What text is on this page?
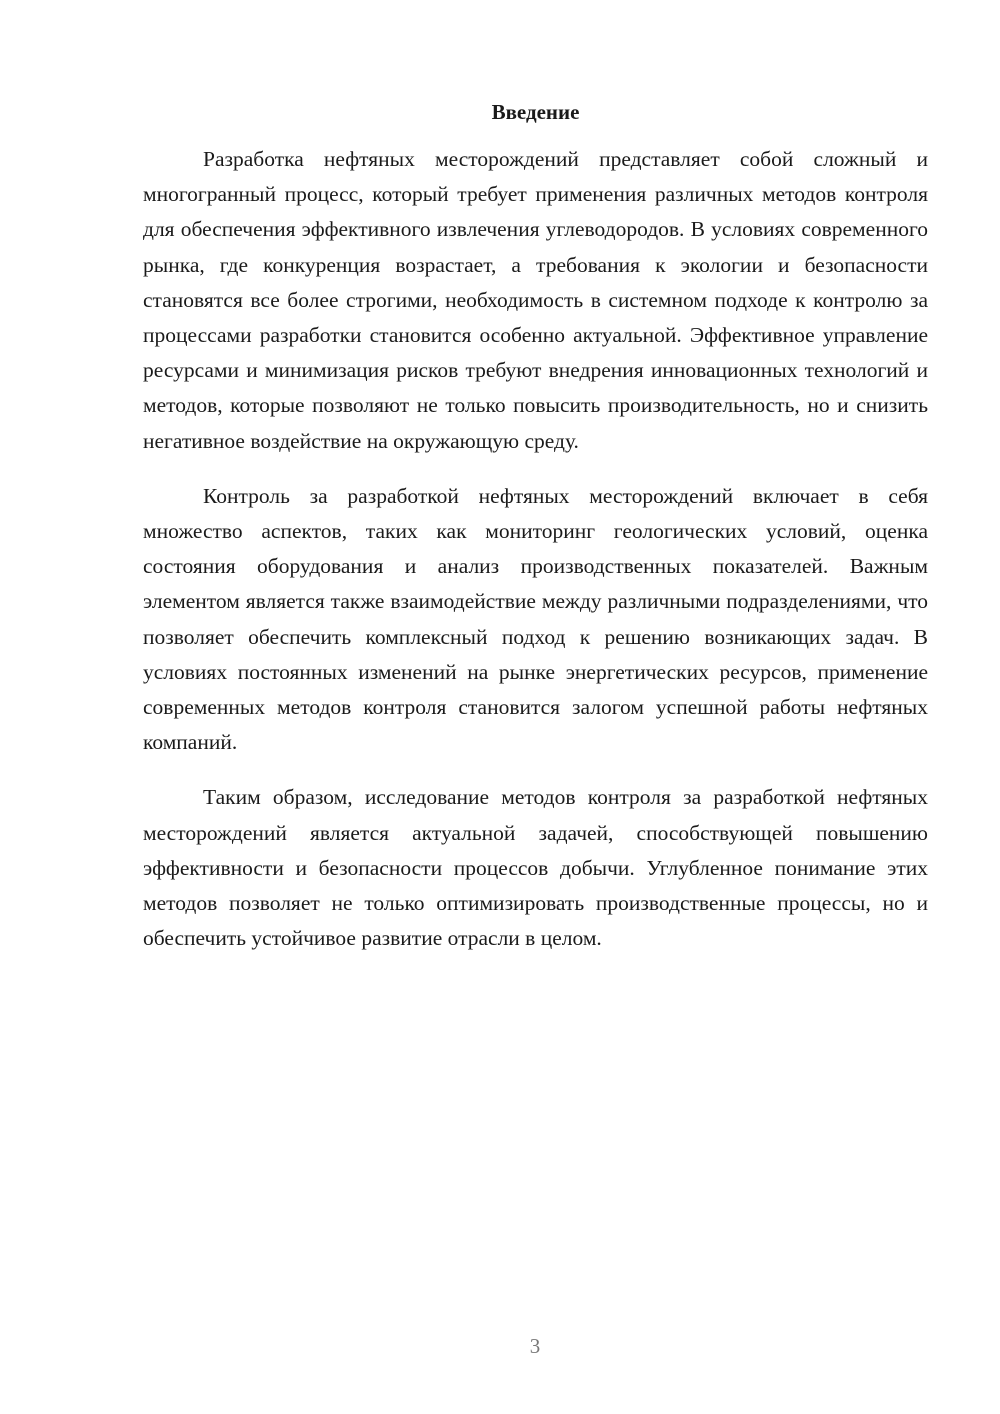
Введение

Разработка нефтяных месторождений представляет собой сложный и многогранный процесс, который требует применения различных методов контроля для обеспечения эффективного извлечения углеводородов. В условиях современного рынка, где конкуренция возрастает, а требования к экологии и безопасности становятся все более строгими, необходимость в системном подходе к контролю за процессами разработки становится особенно актуальной. Эффективное управление ресурсами и минимизация рисков требуют внедрения инновационных технологий и методов, которые позволяют не только повысить производительность, но и снизить негативное воздействие на окружающую среду.

Контроль за разработкой нефтяных месторождений включает в себя множество аспектов, таких как мониторинг геологических условий, оценка состояния оборудования и анализ производственных показателей. Важным элементом является также взаимодействие между различными подразделениями, что позволяет обеспечить комплексный подход к решению возникающих задач. В условиях постоянных изменений на рынке энергетических ресурсов, применение современных методов контроля становится залогом успешной работы нефтяных компаний.

Таким образом, исследование методов контроля за разработкой нефтяных месторождений является актуальной задачей, способствующей повышению эффективности и безопасности процессов добычи. Углубленное понимание этих методов позволяет не только оптимизировать производственные процессы, но и обеспечить устойчивое развитие отрасли в целом.

3
